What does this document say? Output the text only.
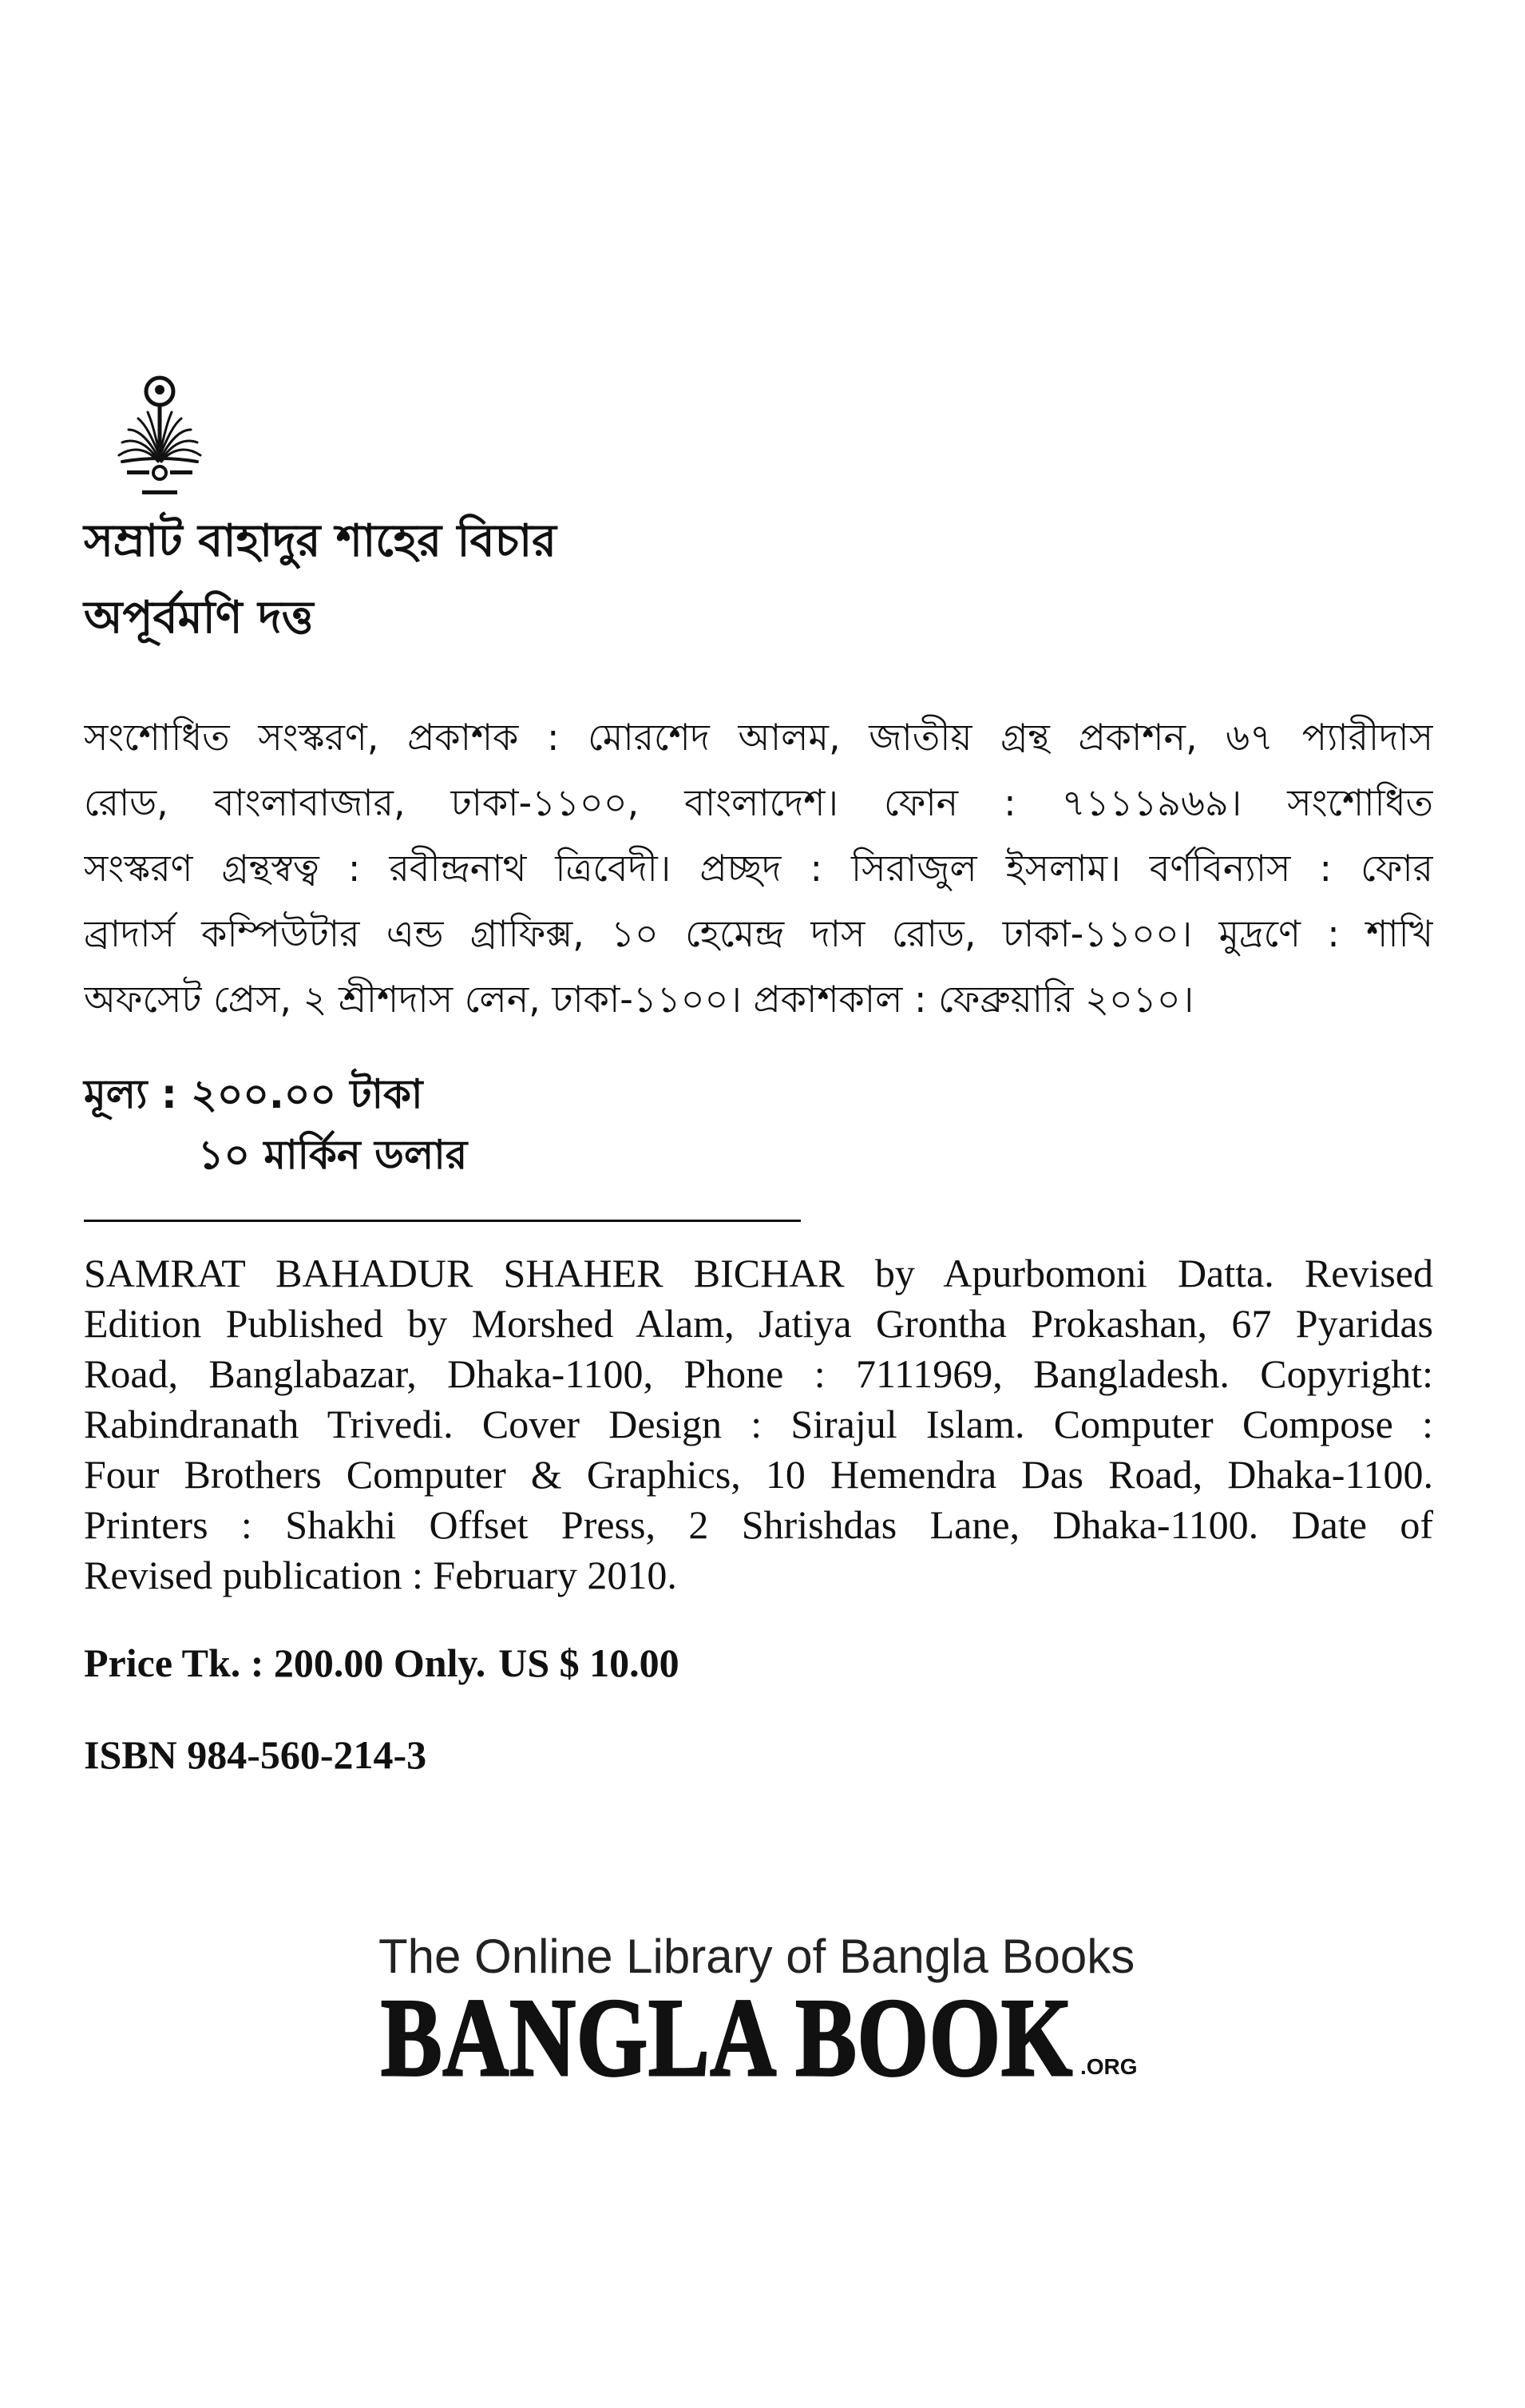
সম্রাট বাহাদুর শাহের বিচার
অপূর্বমণি দত্ত
সংশোধিত সংস্করণ, প্রকাশক : মোরশেদ আলম, জাতীয় গ্রন্থ প্রকাশন, ৬৭ প্যারীদাস
রোড, বাংলাবাজার, ঢাকা-১১০০, বাংলাদেশ। ফোন : ৭১১১৯৬৯। সংশোধিত
সংস্করণ গ্রন্থস্বত্ব : রবীন্দ্রনাথ ত্রিবেদী। প্রচ্ছদ : সিরাজুল ইসলাম। বর্ণবিন্যাস : ফোর
ব্রাদার্স কম্পিউটার এন্ড গ্রাফিক্স, ১০ হেমেন্দ্র দাস রোড, ঢাকা-১১০০। মুদ্রণে : শাখি
অফসেট প্রেস, ২ শ্রীশদাস লেন, ঢাকা-১১০০। প্রকাশকাল : ফেব্রুয়ারি ২০১০।
মূল্য : ২০০.০০ টাকা
১০ মার্কিন ডলার
SAMRAT BAHADUR SHAHER BICHAR by Apurbomoni Datta. Revised
Edition Published by Morshed Alam, Jatiya Grontha Prokashan, 67 Pyaridas
Road, Banglabazar, Dhaka-1100, Phone : 7111969, Bangladesh. Copyright:
Rabindranath Trivedi. Cover Design : Sirajul Islam. Computer Compose :
Four Brothers Computer & Graphics, 10 Hemendra Das Road, Dhaka-1100.
Printers : Shakhi Offset Press, 2 Shrishdas Lane, Dhaka-1100. Date of
Revised publication : February 2010.
Price Tk. : 200.00 Only. US $ 10.00
ISBN 984-560-214-3
The Online Library of Bangla Books
BANGLA BOOK .ORG
